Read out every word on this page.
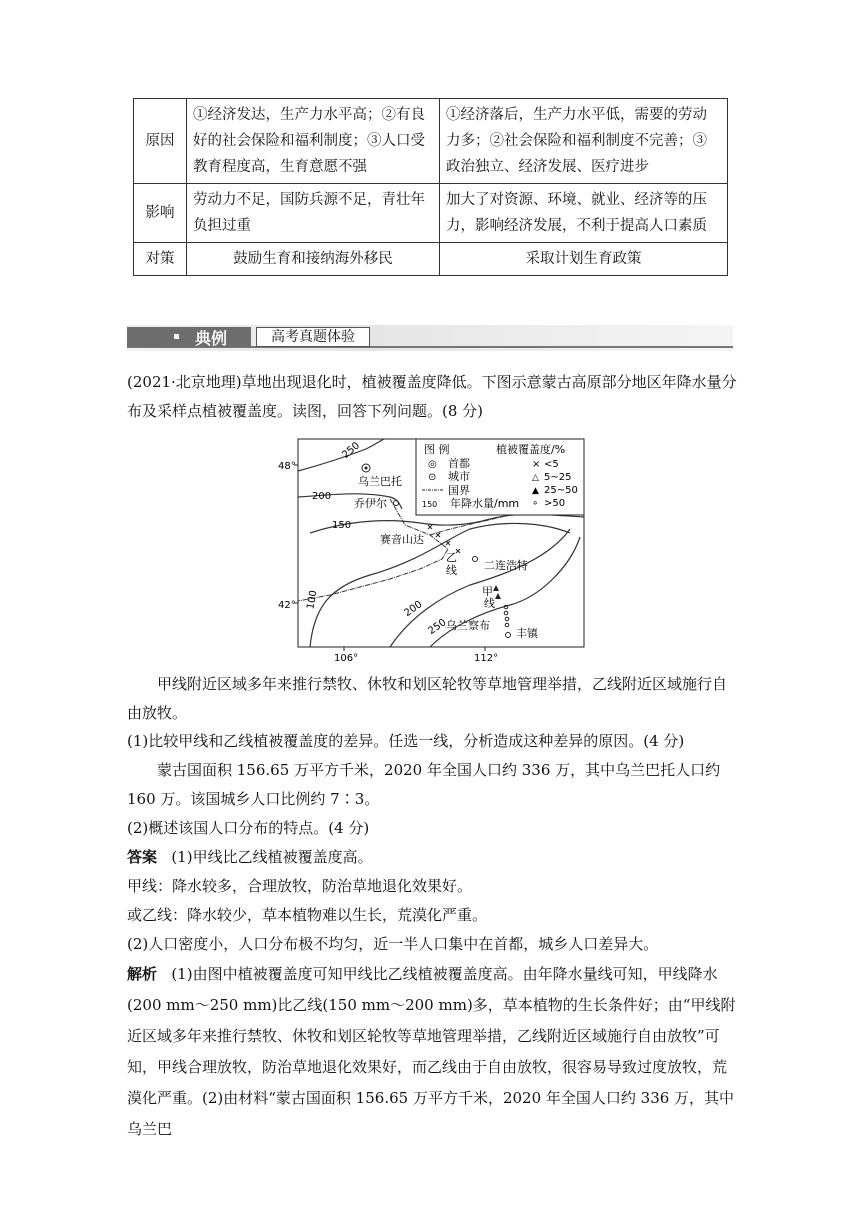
原因	①经济发达，生产力水平高；②有良好的社会保险和福利制度；③人口受教育程度高，生育意愿不强	①经济落后，生产力水平低，需要的劳动力多；②社会保险和福利制度不完善；③政治独立、经济发展、医疗进步
影响	劳动力不足，国防兵源不足，青壮年负担过重	加大了对资源、环境、就业、经济等的压力，影响经济发展，不利于提高人口素质
对策	鼓励生育和接纳海外移民	采取计划生育政策
典例	高考真题体验
(2021·北京地理)草地出现退化时，植被覆盖度降低。下图示意蒙古高原部分地区年降水量分布及采样点植被覆盖度。读图，回答下列问题。(8 分)
48°
42°
106°	112°
250
200
150
100	200
250
乌兰巴托
乔伊尔
赛音山达
二连浩特
乌兰察布
丰镇
乙
线
甲
线
图 例	植被覆盖度/%
◎ 首都
⊙ 城市
国界
150 年降水量/mm
× <5
△ 5~25
▲ 25~50
∘ >50
甲线附近区域多年来推行禁牧、休牧和划区轮牧等草地管理举措，乙线附近区域施行自由放牧。
(1)比较甲线和乙线植被覆盖度的差异。任选一线，分析造成这种差异的原因。(4 分)
蒙古国面积 156.65 万平方千米，2020 年全国人口约 336 万，其中乌兰巴托人口约 160 万。该国城乡人口比例约 7∶3。
(2)概述该国人口分布的特点。(4 分)
答案 (1)甲线比乙线植被覆盖度高。
甲线：降水较多，合理放牧，防治草地退化效果好。
或乙线：降水较少，草本植物难以生长，荒漠化严重。
(2)人口密度小，人口分布极不均匀，近一半人口集中在首都，城乡人口差异大。
解析 (1)由图中植被覆盖度可知甲线比乙线植被覆盖度高。由年降水量线可知，甲线降水(200 mm～250 mm)比乙线(150 mm～200 mm)多，草本植物的生长条件好；由“甲线附近区域多年来推行禁牧、休牧和划区轮牧等草地管理举措，乙线附近区域施行自由放牧”可知，甲线合理放牧，防治草地退化效果好，而乙线由于自由放牧，很容易导致过度放牧，荒漠化严重。(2)由材料“蒙古国面积 156.65 万平方千米，2020 年全国人口约 336 万，其中乌兰巴
